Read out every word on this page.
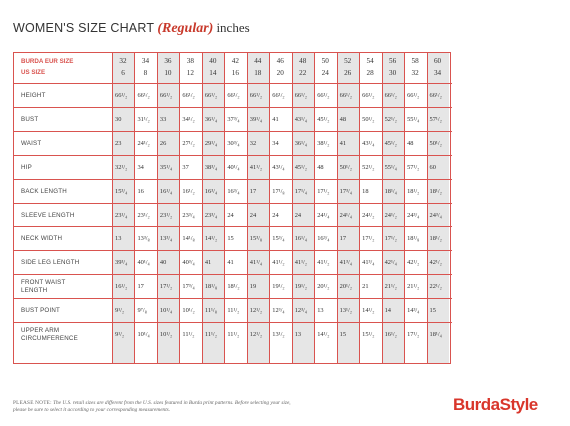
WOMEN'S SIZE CHART (Regular) inches
BURDA EUR SIZE
US SIZE
32	34	36	38	40	42	44	46	48	50	52	54	56	58	60
6	8	10	12	14	16	18	20	22	24	26	28	30	32	34
HEIGHT	66¹/₂ 66¹/₂ 66¹/₂ 66¹/₂ 66¹/₂ 66¹/₂ 66¹/₂ 66¹/₂ 66¹/₂ 66¹/₂ 66¹/₂ 66¹/₂ 66¹/₂ 66¹/₂ 66¹/₂
BUST	30	31¹/₂ 33	34¹/₂ 36¹/₄ 37³/₄ 39¹/₄ 41	43¹/₄ 45¹/₂ 48	50¹/₂ 52¹/₂ 55¹/₄ 57¹/₂
WAIST	23	24¹/₂ 26	27¹/₂ 29¹/₄ 30³/₄ 32	34	36¹/₄ 38¹/₂ 41	43¹/₄ 45¹/₂ 48	50¹/₂
HIP	32¹/₂ 34	35¹/₄ 37	38³/₄ 40¹/₄ 41¹/₂ 43¹/₄ 45¹/₂ 48	50¹/₂ 52¹/₂ 55¹/₄ 57¹/₂ 60
BACK LENGTH	15³/₄ 16	16¹/₄ 16¹/₂ 16³/₄ 16³/₄ 17	17¹/₈ 17¹/₄ 17¹/₂ 17³/₄ 18	18¹/₄ 18¹/₂ 18¹/₂
SLEEVE LENGTH	23¹/₄ 23¹/₂ 23¹/₂ 23³/₄ 23³/₄ 24	24	24	24	24¹/₄ 24¹/₄ 24¹/₂ 24¹/₂ 24³/₄ 24³/₄
NECK WIDTH	13	13³/₈ 13³/₄ 14¹/₈ 14¹/₂ 15	15³/₈ 15³/₄ 16¹/₄ 16³/₄ 17	17¹/₂ 17¹/₂ 18¹/₈ 18¹/₂
SIDE LEG LENGTH	39³/₄ 40¹/₄ 40	40³/₄ 41	41	41¹/₄ 41¹/₂ 41¹/₂ 41¹/₂ 41³/₄ 41³/₄ 42¹/₄ 42¹/₂ 42¹/₂
FRONT WAIST
LENGTH
16¹/₂ 17	17¹/₂ 17³/₄ 18¹/₈ 18¹/₂ 19	19¹/₂ 19¹/₂ 20¹/₂ 20¹/₂ 21	21¹/₂ 21¹/₂ 22¹/₂
BUST POINT	9¹/₂ 9⁷/₈ 10¹/₄ 10¹/₂ 11¹/₈ 11¹/₂ 12¹/₂ 12³/₄ 12³/₄ 13	13¹/₂ 14¹/₂ 14	14³/₄ 15
UPPER ARM
CIRCUMFERENCE
9¹/₂ 10¹/₄ 10¹/₂ 11¹/₂ 11¹/₂ 11¹/₂ 12¹/₂ 13¹/₂ 13	14¹/₂ 15	15¹/₂ 16¹/₂ 17¹/₂ 18¹/₄
PLEASE NOTE: The U.S. retail sizes are different from the U.S. sizes featured in Burda print patterns. Before selecting your size,
please be sure to select it according to your corresponding measurements.	BurdaStyle
